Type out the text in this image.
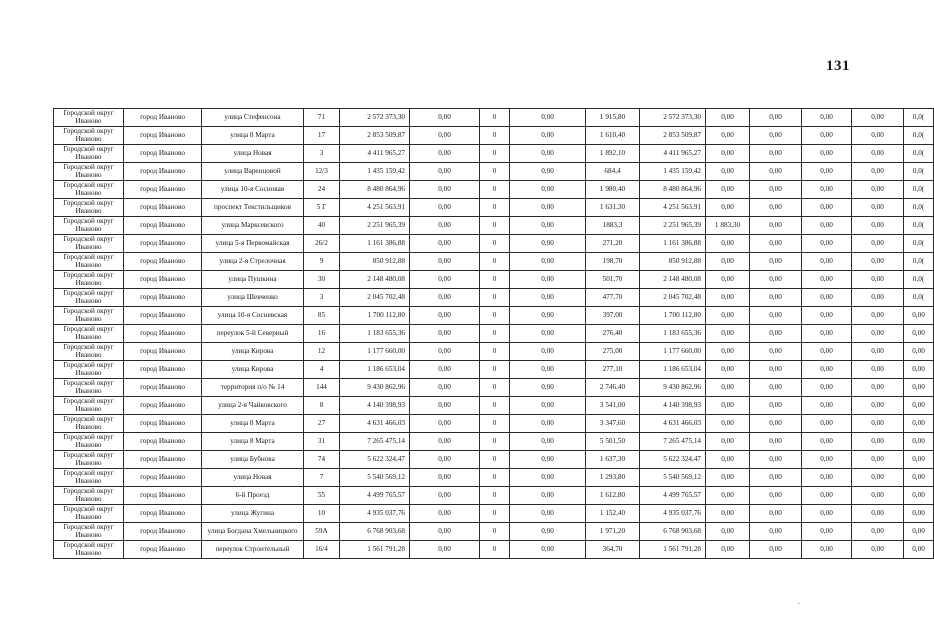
131
Городской округ Иваново	город Иваново	улица Стефенсона	71	2 572 373,30	0,00	0	0,00	1 915,80	2 572 373,30	0,00	0,00	0,00	0,00	0,0(
Городской округ Иваново	город Иваново	улица 8 Марта	17	2 853 509,87	0,00	0	0,00	1 610,40	2 853 509,87	0,00	0,00	0,00	0,00	0,0(
Городской округ Иваново	город Иваново	улица Новая	3	4 411 965,27	0,00	0	0,00	1 892,10	4 411 965,27	0,00	0,00	0,00	0,00	0,0(
Городской округ Иваново	город Иваново	улица Варенцовой	12/3	1 435 159,42	0,00	0	0,00	684,4	1 435 159,42	0,00	0,00	0,00	0,00	0,0(
Городской округ Иваново	город Иваново	улица 10-я Сосновая	24	8 480 864,96	0,00	0	0,00	1 980,40	8 480 864,96	0,00	0,00	0,00	0,00	0,0(
Городской округ Иваново	город Иваново	проспект Текстильщиков	5 Г	4 251 563,91	0,00	0	0,00	1 631,30	4 251 563,91	0,00	0,00	0,00	0,00	0,0(
Городской округ Иваново	город Иваново	улица Марксевского	40	2 251 965,39	0,00	0	0,00	1883,3	2 251 965,39	1 883,30	0,00	0,00	0,00	0,0(
Городской округ Иваново	город Иваново	улица 5-я Первомайская	26/2	1 161 386,88	0,00	0	0,00	271,20	1 161 386,88	0,00	0,00	0,00	0,00	0,0(
Городской округ Иваново	город Иваново	улица 2-я Стрелочная	9	850 912,88	0,00	0	0,00	198,70	850 912,88	0,00	0,00	0,00	0,00	0,0(
Городской округ Иваново	город Иваново	улица Пушкина	30	2 148 480,08	0,00	0	0,00	501,70	2 148 480,08	0,00	0,00	0,00	0,00	0,0(
Городской округ Иваново	город Иваново	улица Шевченко	3	2 045 702,48	0,00	0	0,00	477,70	2 045 702,48	0,00	0,00	0,00	0,00	0,0(
Городской округ Иваново	город Иваново	улица 10-я Сосневская	85	1 700 112,80	0,00	0	0,00	397,00	1 700 112,80	0,00	0,00	0,00	0,00	0,00
Городской округ Иваново	город Иваново	переулок 5-й Северный	16	1 183 655,36	0,00	0	0,00	276,40	1 183 655,36	0,00	0,00	0,00	0,00	0,00
Городской округ Иваново	город Иваново	улица Кирова	12	1 177 660,00	0,00	0	0,00	275,00	1 177 660,00	0,00	0,00	0,00	0,00	0,00
Городской округ Иваново	город Иваново	улица Кирова	4	1 186 653,04	0,00	0	0,00	277,10	1 186 653,04	0,00	0,00	0,00	0,00	0,00
Городской округ Иваново	город Иваново	территория п/о № 14	144	9 430 862,96	0,00	0	0,00	2 746,40	9 430 862,96	0,00	0,00	0,00	0,00	0,00
Городской округ Иваново	город Иваново	улица 2-я Чайковского	8	4 140 398,93	0,00	0	0,00	3 541,00	4 140 398,93	0,00	0,00	0,00	0,00	0,00
Городской округ Иваново	город Иваново	улица 8 Марта	27	4 631 466,03	0,00	0	0,00	3 347,60	4 631 466,03	0,00	0,00	0,00	0,00	0,00
Городской округ Иваново	город Иваново	улица 8 Марта	31	7 265 475,14	0,00	0	0,00	5 501,50	7 265 475,14	0,00	0,00	0,00	0,00	0,00
Городской округ Иваново	город Иваново	улица Бубнова	74	5 622 324,47	0,00	0	0,00	1 637,30	5 622 324,47	0,00	0,00	0,00	0,00	0,00
Городской округ Иваново	город Иваново	улица Новая	7	5 540 569,12	0,00	0	0,00	1 293,80	5 540 569,12	0,00	0,00	0,00	0,00	0,00
Городской округ Иваново	город Иваново	6-й Проезд	55	4 499 765,57	0,00	0	0,00	1 612,80	4 499 765,57	0,00	0,00	0,00	0,00	0,00
Городской округ Иваново	город Иваново	улица Жугина	10	4 935 037,76	0,00	0	0,00	1 152,40	4 935 037,76	0,00	0,00	0,00	0,00	0,00
Городской округ Иваново	город Иваново	улица Богдана Хмельницкого	59А	6 768 903,68	0,00	0	0,00	1 971,20	6 768 903,68	0,00	0,00	0,00	0,00	0,00
Городской округ Иваново	город Иваново	переулок Строительный	16/4	1 561 791,28	0,00	0	0,00	364,70	1 561 791,28	0,00	0,00	0,00	0,00	0,00
